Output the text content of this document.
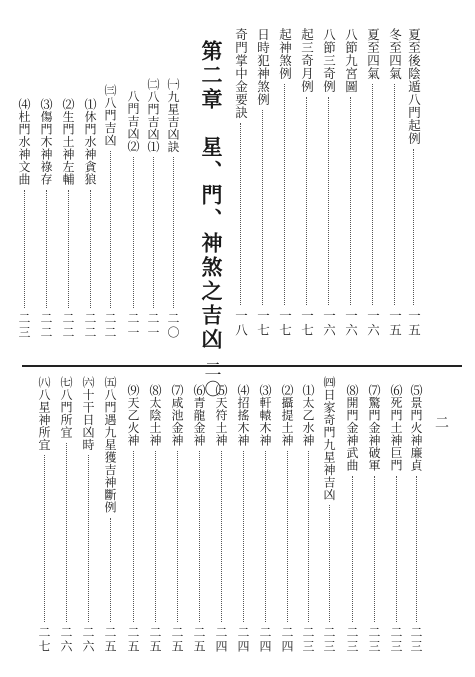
夏至後陰遁八門起例
一五
冬至四氣
一五
夏至四氣
一六
八節九宮圖
一六
八節三奇例
一六
起三奇月例
一七
起神煞例
一七
日時犯神煞例
一七
奇門掌中金要訣
一八
第二章　星、門、神煞之吉凶
二〇
㈠九星吉凶訣
二〇
㈡八門吉凶⑴
二一
八門吉凶⑵
二一
㈢八門吉凶
二二
⑴休門水神貪狼
二二
⑵生門土神左輔
二二
⑶傷門木神祿存
二二
⑷杜門水神文曲
二三
二
⑸景門火神廉貞
二三
⑹死門土神巨門
二三
⑺驚門金神破軍
二三
⑻開門金神武曲
二三
㈣日家奇門九星神吉凶
二三
⑴太乙水神
二三
⑵攝提土神
二四
⑶軒轅木神
二四
⑷招搖木神
二四
⑸天符土神
二四
⑹青龍金神
二五
⑺咸池金神
二五
⑻太陰土神
二五
⑼天乙火神
二五
㈤八門遇九星獲吉神斷例
二五
㈥十干日凶時
二六
㈦八門所宜
二六
㈧八星神所宜
二七
